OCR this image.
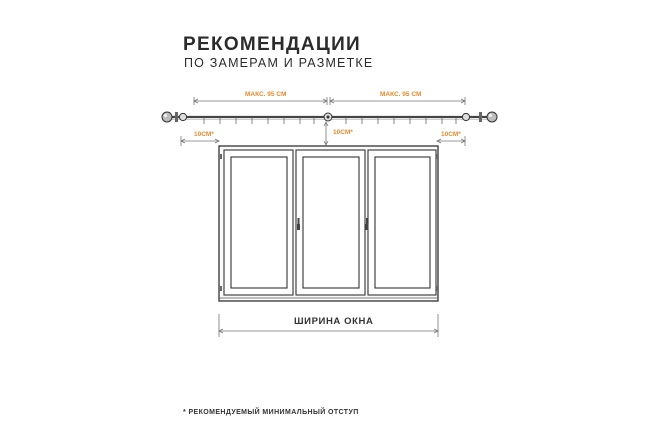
РЕКОМЕНДАЦИИ
ПО ЗАМЕРАМ И РАЗМЕТКЕ
МАКС. 95 СМ	МАКС. 95 СМ
10СМ*	10СМ*
10СМ*
ШИРИНА ОКНА
* РЕКОМЕНДУЕМЫЙ МИНИМАЛЬНЫЙ ОТСТУП
